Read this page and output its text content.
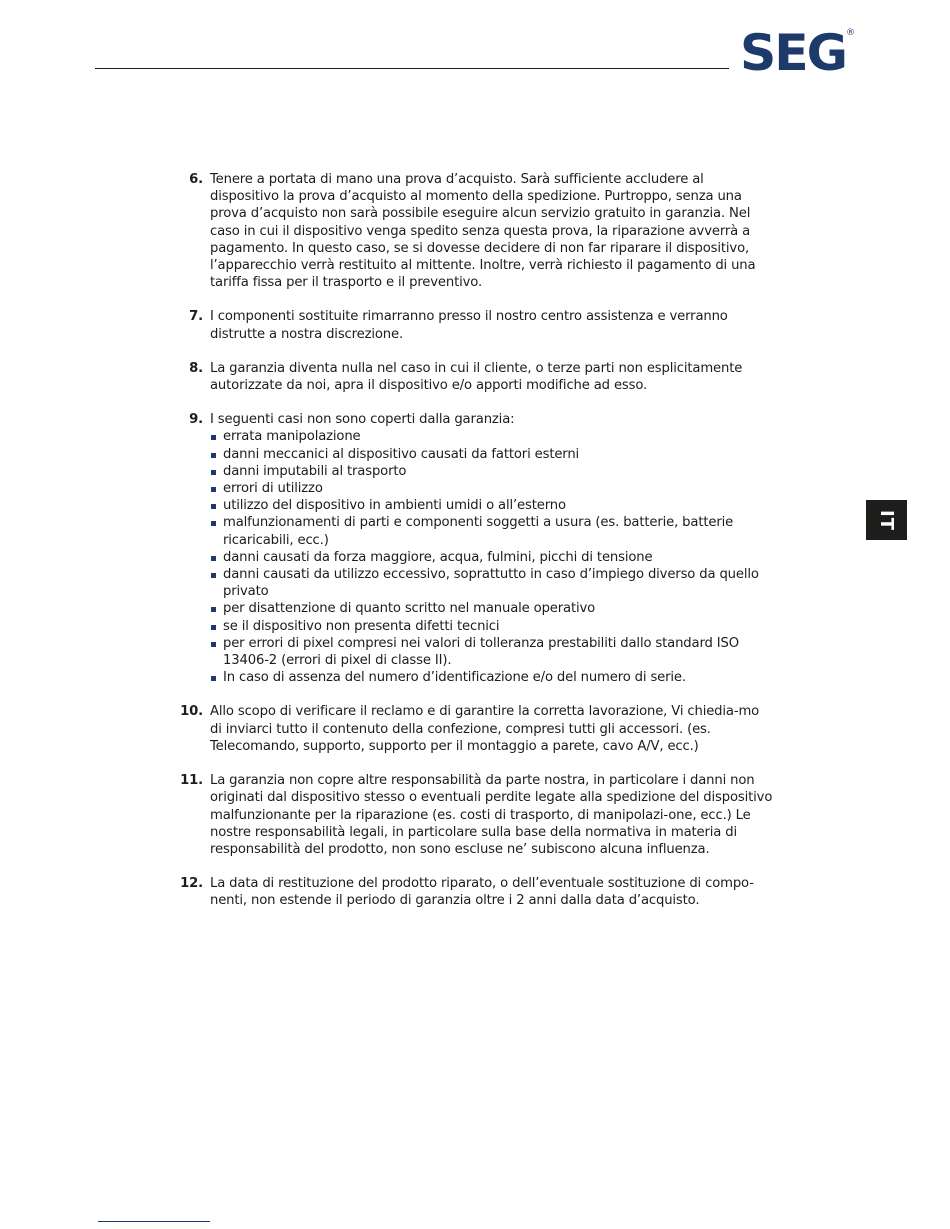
SEG ®
IT
6. Tenere a portata di mano una prova d’acquisto. Sarà sufficiente accludere al dispositivo la prova d’acquisto al momento della spedizione. Purtroppo, senza una prova d’acquisto non sarà possibile eseguire alcun servizio gratuito in garanzia. Nel caso in cui il dispositivo venga spedito senza questa prova, la riparazione avverrà a pagamento. In questo caso, se si dovesse decidere di non far riparare il dispositivo, l’apparecchio verrà restituito al mittente. Inoltre, verrà richiesto il pagamento di una tariffa fissa per il trasporto e il preventivo.
7. I componenti sostituite rimarranno presso il nostro centro assistenza e verranno distrutte a nostra discrezione.
8. La garanzia diventa nulla nel caso in cui il cliente, o terze parti non esplicitamente autorizzate da noi, apra il dispositivo e/o apporti modifiche ad esso.
9. I seguenti casi non sono coperti dalla garanzia:
errata manipolazione
danni meccanici al dispositivo causati da fattori esterni
danni imputabili al trasporto
errori di utilizzo
utilizzo del dispositivo in ambienti umidi o all’esterno
malfunzionamenti di parti e componenti soggetti a usura (es. batterie, batterie ricaricabili, ecc.)
danni causati da forza maggiore, acqua, fulmini, picchi di tensione
danni causati da utilizzo eccessivo, soprattutto in caso d’impiego diverso da quello privato
per disattenzione di quanto scritto nel manuale operativo
se il dispositivo non presenta difetti tecnici
per errori di pixel compresi nei valori di tolleranza prestabiliti dallo standard ISO 13406-2 (errori di pixel di classe II).
In caso di assenza del numero d’identificazione e/o del numero di serie.
10. Allo scopo di verificare il reclamo e di garantire la corretta lavorazione, Vi chiedia-mo di inviarci tutto il contenuto della confezione, compresi tutti gli accessori. (es. Telecomando, supporto, supporto per il montaggio a parete, cavo A/V, ecc.)
11. La garanzia non copre altre responsabilità da parte nostra, in particolare i danni non originati dal dispositivo stesso o eventuali perdite legate alla spedizione del dispositivo malfunzionante per la riparazione (es. costi di trasporto, di manipolazi-one, ecc.) Le nostre responsabilità legali, in particolare sulla base della normativa in materia di responsabilità del prodotto, non sono escluse ne’ subiscono alcuna influenza.
12. La data di restituzione del prodotto riparato, o dell’eventuale sostituzione di compo-nenti, non estende il periodo di garanzia oltre i 2 anni dalla data d’acquisto.
